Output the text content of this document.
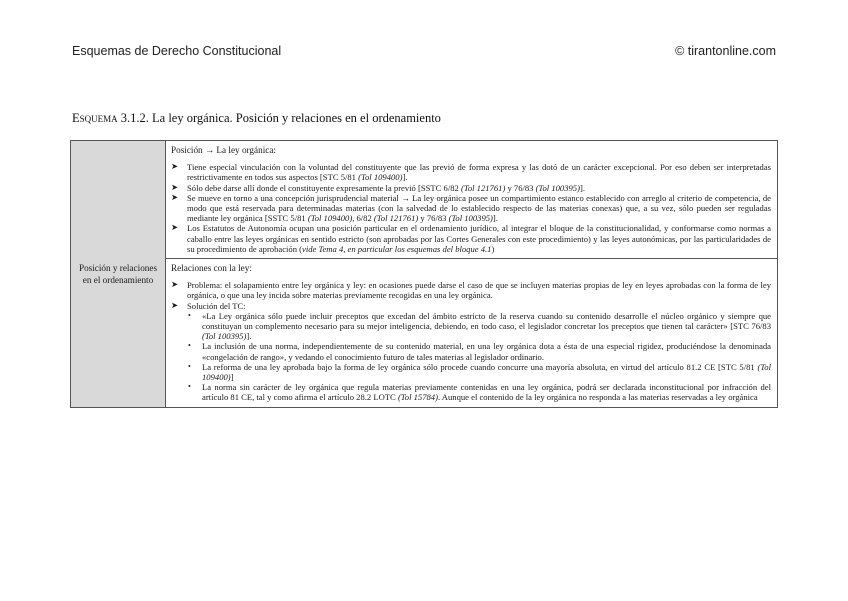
Esquemas de Derecho Constitucional	© tirantonline.com
Esquema 3.1.2. La ley orgánica. Posición y relaciones en el ordenamiento
Posición y relaciones en el ordenamiento	
Posición → La ley orgánica:
➤ Tiene especial vinculación con la voluntad del constituyente que las previó de forma expresa y las dotó de un carácter excepcional. Por eso deben ser interpretadas restrictivamente en todos sus aspectos [STC 5/81 (Tol 109400)].
➤ Sólo debe darse allí donde el constituyente expresamente la previó [SSTC 6/82 (Tol 121761) y 76/83 (Tol 100395)].
➤ Se mueve en torno a una concepción jurisprudencial material → La ley orgánica posee un compartimiento estanco establecido con arreglo al criterio de competencia, de modo que está reservada para determinadas materias (con la salvedad de lo establecido respecto de las materias conexas) que, a su vez, sólo pueden ser reguladas mediante ley orgánica [SSTC 5/81 (Tol 109400), 6/82 (Tol 121761) y 76/83 (Tol 100395)].
➤ Los Estatutos de Autonomía ocupan una posición particular en el ordenamiento jurídico, al integrar el bloque de la constitucionalidad, y conformarse como normas a caballo entre las leyes orgánicas en sentido estricto (son aprobadas por las Cortes Generales con este procedimiento) y las leyes autonómicas, por las particularidades de su procedimiento de aprobación (vide Tema 4, en particular los esquemas del bloque 4.1)

Relaciones con la ley:
➤ Problema: el solapamiento entre ley orgánica y ley: en ocasiones puede darse el caso de que se incluyen materias propias de ley en leyes aprobadas con la forma de ley orgánica, o que una ley incida sobre materias previamente recogidas en una ley orgánica.
➤ Solución del TC:
• «La Ley orgánica sólo puede incluir preceptos que excedan del ámbito estricto de la reserva cuando su contenido desarrolle el núcleo orgánico y siempre que constituyan un complemento necesario para su mejor inteligencia, debiendo, en todo caso, el legislador concretar los preceptos que tienen tal carácter» [STC 76/83 (Tol 100395)].
• La inclusión de una norma, independientemente de su contenido material, en una ley orgánica dota a ésta de una especial rigidez, produciéndose la denominada «congelación de rango», y vedando el conocimiento futuro de tales materias al legislador ordinario.
• La reforma de una ley aprobada bajo la forma de ley orgánica sólo procede cuando concurre una mayoría absoluta, en virtud del artículo 81.2 CE [STC 5/81 (Tol 109400)]
• La norma sin carácter de ley orgánica que regula materias previamente contenidas en una ley orgánica, podrá ser declarada inconstitucional por infracción del artículo 81 CE, tal y como afirma el artículo 28.2 LOTC (Tol 15784). Aunque el contenido de la ley orgánica no responda a las materias reservadas a ley orgánica
